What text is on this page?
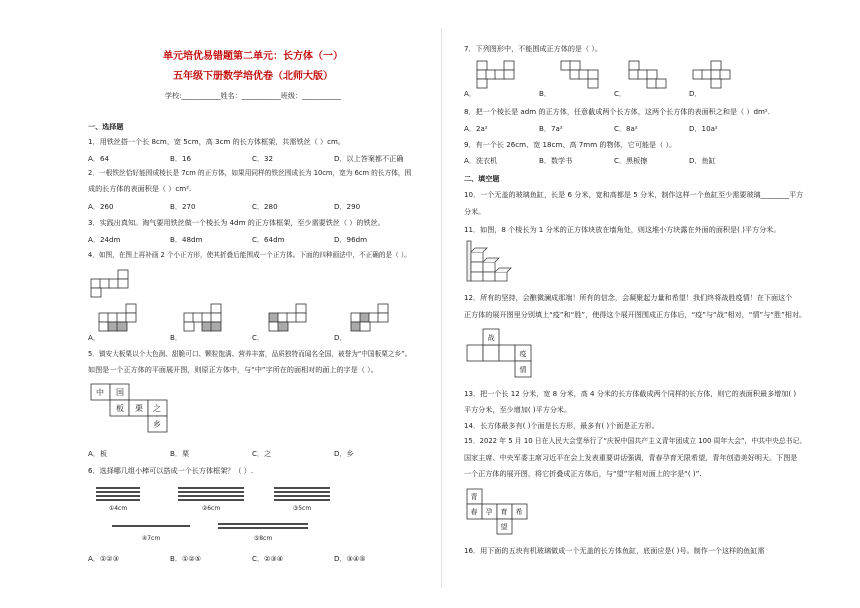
单元培优易错题第二单元：长方体（一）
五年级下册数学培优卷（北师大版）
学校:___________姓名：___________班级：___________
一、选择题
1．用铁丝搭一个长 8cm，宽 5cm，高 3cm 的长方体框架，共需铁丝（ ）cm。
A．64	B．16	C．32	D．以上答案都不正确
2．一根铁丝恰好能围成棱长是 7cm 的正方体，如果用同样的铁丝围成长为 10cm，宽为 6cm 的长方体，围
成的长方体的表面积是（ ）cm².
A．260	B．270	C．280	D．290
3．实践出真知。淘气要用铁丝做一个棱长为 4dm 的正方体框架，至少需要铁丝（ ）的铁丝。
A．24dm	B．48dm	C．64dm	D．96dm
4．如图，在图上再补画 2 个小正方形，使其折叠后能围成一个正方体。下面的四种画法中，不正确的是（ ）。
A．	B．	C．	D．
5．镇安大板栗以个大色润、甜脆可口、颗粒饱满、营养丰富，品质独特而闻名全国，被誉为“中国板栗之乡”。
如图是一个正方体的平面展开图，则原正方体中，与“中”字所在的面相对的面上的字是（ ）。
中 国
板 栗 之
乡
A．板	B．栗	C．之	D．乡
6．选择哪几组小棒可以搭成一个长方体框架？（ ）.
①4cm	②6cm	③5cm
④7cm	⑤8cm
A．①②③	B．①②⑤	C．②③④	D．③④⑤
7．下列图形中，不能围成正方体的是（ ）。
A．	B．	C．	D．
8．把一个棱长是 adm 的正方体，任意截成两个长方体，这两个长方体的表面积之和是（ ）dm².
A．2a²	B．7a²	C．8a²	D．10a²
9．有一个长 26cm、宽 18cm、高 7mm 的物体，它可能是（ ）。
A．洗衣机	B．数学书	C．黑板擦	D．鱼缸
二、填空题
10．一个无盖的玻璃鱼缸，长是 6 分米，宽和高都是 5 分米，制作这样一个鱼缸至少需要玻璃________平方
分米。
11．如图，8 个棱长为 1 分米的正方体块放在墙角处，则这堆小方块露在外面的面积是( )平方分米。
12．所有的坚持，会酿微澜成那端！所有的信念，会凝聚起力量和希望！我们终将战胜疫情！在下面这个
正方体的展开图里分别填上“疫”和“胜”，使得这个展开图围成正方体后，“疫”与“战”相对，“情”与“胜”相对。
战
疫
情
13．把一个长 12 分米，宽 8 分米，高 4 分米的长方体截成两个同样的长方体，则它的表面积最多增加( )
平方分米，至少增加( )平方分米。
14．长方体最多有( )个面是长方形，最多有( )个面是正方形。
15．2022 年 5 月 10 日在人民大会堂举行了“庆祝中国共产主义青年团成立 100 周年大会”，中共中央总书记、
国家主席、中央军委主席习近平在会上发表重要讲话强调，青春孕育无限希望，青年创造美好明天。下图是
一个正方体的展开图，将它折叠成正方体后，与“望”字相对面上的字是“( )”.
青
春 孕 育 希
望
16．用下面的五块有机玻璃做成一个无盖的长方体鱼缸，底面应是( )号。制作一个这样的鱼缸需
